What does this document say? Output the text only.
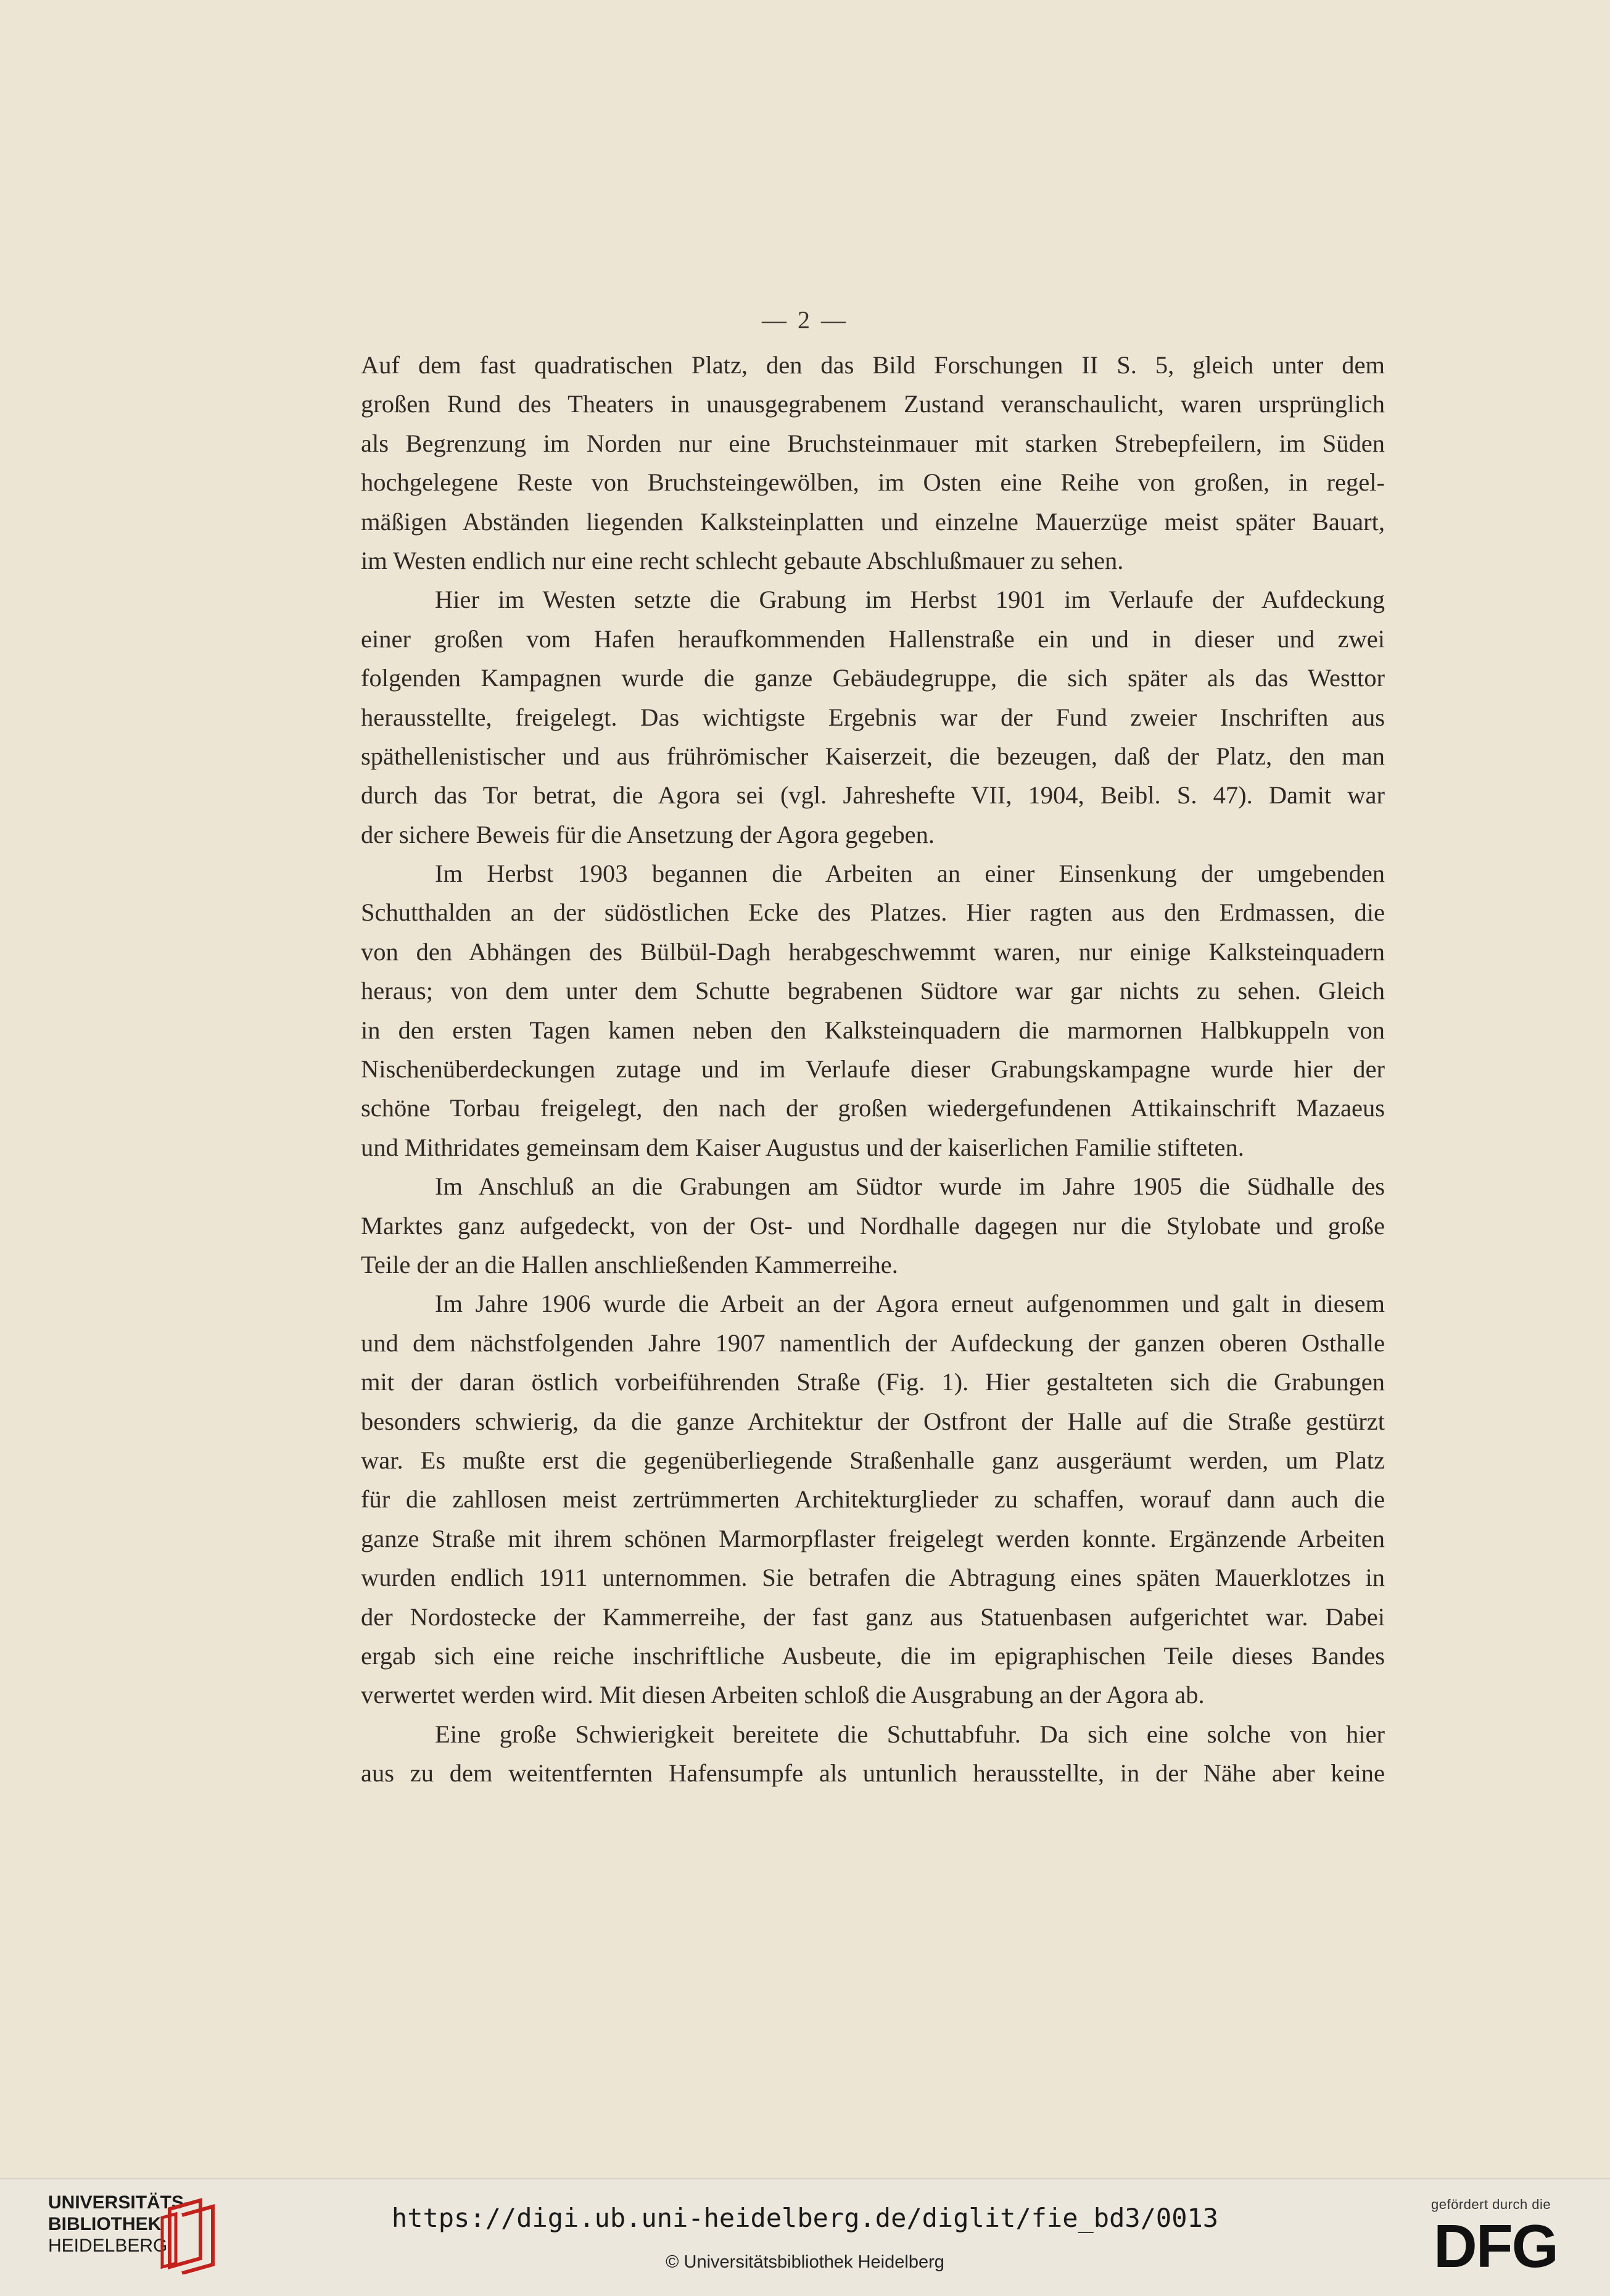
— 2 —
Auf dem fast quadratischen Platz, den das Bild Forschungen II S. 5, gleich unter dem
großen Rund des Theaters in unausgegrabenem Zustand veranschaulicht, waren ursprünglich
als Begrenzung im Norden nur eine Bruchsteinmauer mit starken Strebepfeilern, im Süden
hochgelegene Reste von Bruchsteingewölben, im Osten eine Reihe von großen, in regel-
mäßigen Abständen liegenden Kalksteinplatten und einzelne Mauerzüge meist später Bauart,
im Westen endlich nur eine recht schlecht gebaute Abschlußmauer zu sehen.
Hier im Westen setzte die Grabung im Herbst 1901 im Verlaufe der Aufdeckung
einer großen vom Hafen heraufkommenden Hallenstraße ein und in dieser und zwei
folgenden Kampagnen wurde die ganze Gebäudegruppe, die sich später als das Westtor
herausstellte, freigelegt. Das wichtigste Ergebnis war der Fund zweier Inschriften aus
späthellenistischer und aus frührömischer Kaiserzeit, die bezeugen, daß der Platz, den man
durch das Tor betrat, die Agora sei (vgl. Jahreshefte VII, 1904, Beibl. S. 47). Damit war
der sichere Beweis für die Ansetzung der Agora gegeben.
Im Herbst 1903 begannen die Arbeiten an einer Einsenkung der umgebenden
Schutthalden an der südöstlichen Ecke des Platzes. Hier ragten aus den Erdmassen, die
von den Abhängen des Bülbül-Dagh herabgeschwemmt waren, nur einige Kalksteinquadern
heraus; von dem unter dem Schutte begrabenen Südtore war gar nichts zu sehen. Gleich
in den ersten Tagen kamen neben den Kalksteinquadern die marmornen Halbkuppeln von
Nischenüberdeckungen zutage und im Verlaufe dieser Grabungskampagne wurde hier der
schöne Torbau freigelegt, den nach der großen wiedergefundenen Attikainschrift Mazaeus
und Mithridates gemeinsam dem Kaiser Augustus und der kaiserlichen Familie stifteten.
Im Anschluß an die Grabungen am Südtor wurde im Jahre 1905 die Südhalle des
Marktes ganz aufgedeckt, von der Ost- und Nordhalle dagegen nur die Stylobate und große
Teile der an die Hallen anschließenden Kammerreihe.
Im Jahre 1906 wurde die Arbeit an der Agora erneut aufgenommen und galt in diesem
und dem nächstfolgenden Jahre 1907 namentlich der Aufdeckung der ganzen oberen Osthalle
mit der daran östlich vorbeiführenden Straße (Fig. 1). Hier gestalteten sich die Grabungen
besonders schwierig, da die ganze Architektur der Ostfront der Halle auf die Straße gestürzt
war. Es mußte erst die gegenüberliegende Straßenhalle ganz ausgeräumt werden, um Platz
für die zahllosen meist zertrümmerten Architekturglieder zu schaffen, worauf dann auch die
ganze Straße mit ihrem schönen Marmorpflaster freigelegt werden konnte. Ergänzende Arbeiten
wurden endlich 1911 unternommen. Sie betrafen die Abtragung eines späten Mauerklotzes in
der Nordostecke der Kammerreihe, der fast ganz aus Statuenbasen aufgerichtet war. Dabei
ergab sich eine reiche inschriftliche Ausbeute, die im epigraphischen Teile dieses Bandes
verwertet werden wird. Mit diesen Arbeiten schloß die Ausgrabung an der Agora ab.
Eine große Schwierigkeit bereitete die Schuttabfuhr. Da sich eine solche von hier
aus zu dem weitentfernten Hafensumpfe als untunlich herausstellte, in der Nähe aber keine
UNIVERSITÄTS-
BIBLIOTHEK
HEIDELBERG
https://digi.ub.uni-heidelberg.de/diglit/fie_bd3/0013
© Universitätsbibliothek Heidelberg
gefördert durch die
DFG
